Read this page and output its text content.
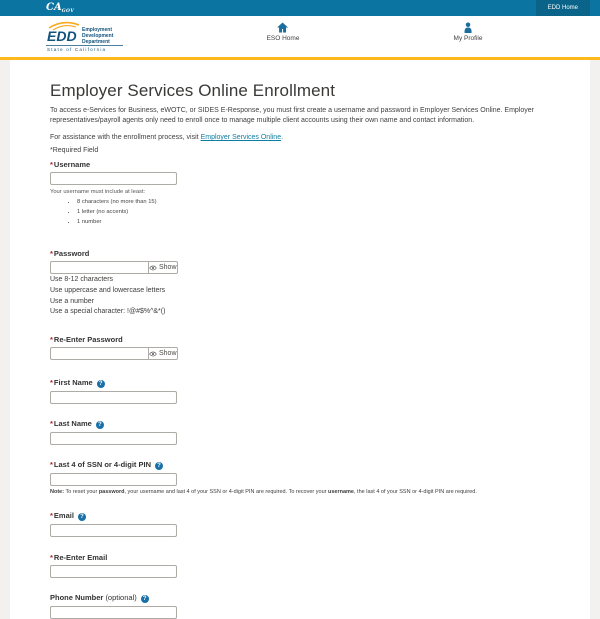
$CA_{GOV}$
EDD Home
EDD Employment
Development
Department
State of California
ESO Home	My Profile
Employer Services Online Enrollment

To access e-Services for Business, eWOTC, or SIDES E-Response, you must first create a username and password in Employer Services Online. Employer representatives/payroll agents only need to enroll once to manage multiple client accounts using their own name and contact information.

For assistance with the enrollment process, visit Employer Services Online.

*Required Field

*Username

Your username must include at least:

• 8 characters (no more than 15)
• 1 letter (no accents)
• 1 number
*Password
Show

Use 8-12 characters

Use uppercase and lowercase letters

Use a number

Use a special character: !@#$%^&*()

*Re-Enter Password
Show
*First Name ?
*Last Name ?
*Last 4 of SSN or 4-digit PIN ?

Note: To reset your password, your username and last 4 of your SSN or 4-digit PIN are required. To recover your username, the last 4 of your SSN or 4-digit PIN are required.

*Email ?
*Re-Enter Email
Phone Number (optional) ?
